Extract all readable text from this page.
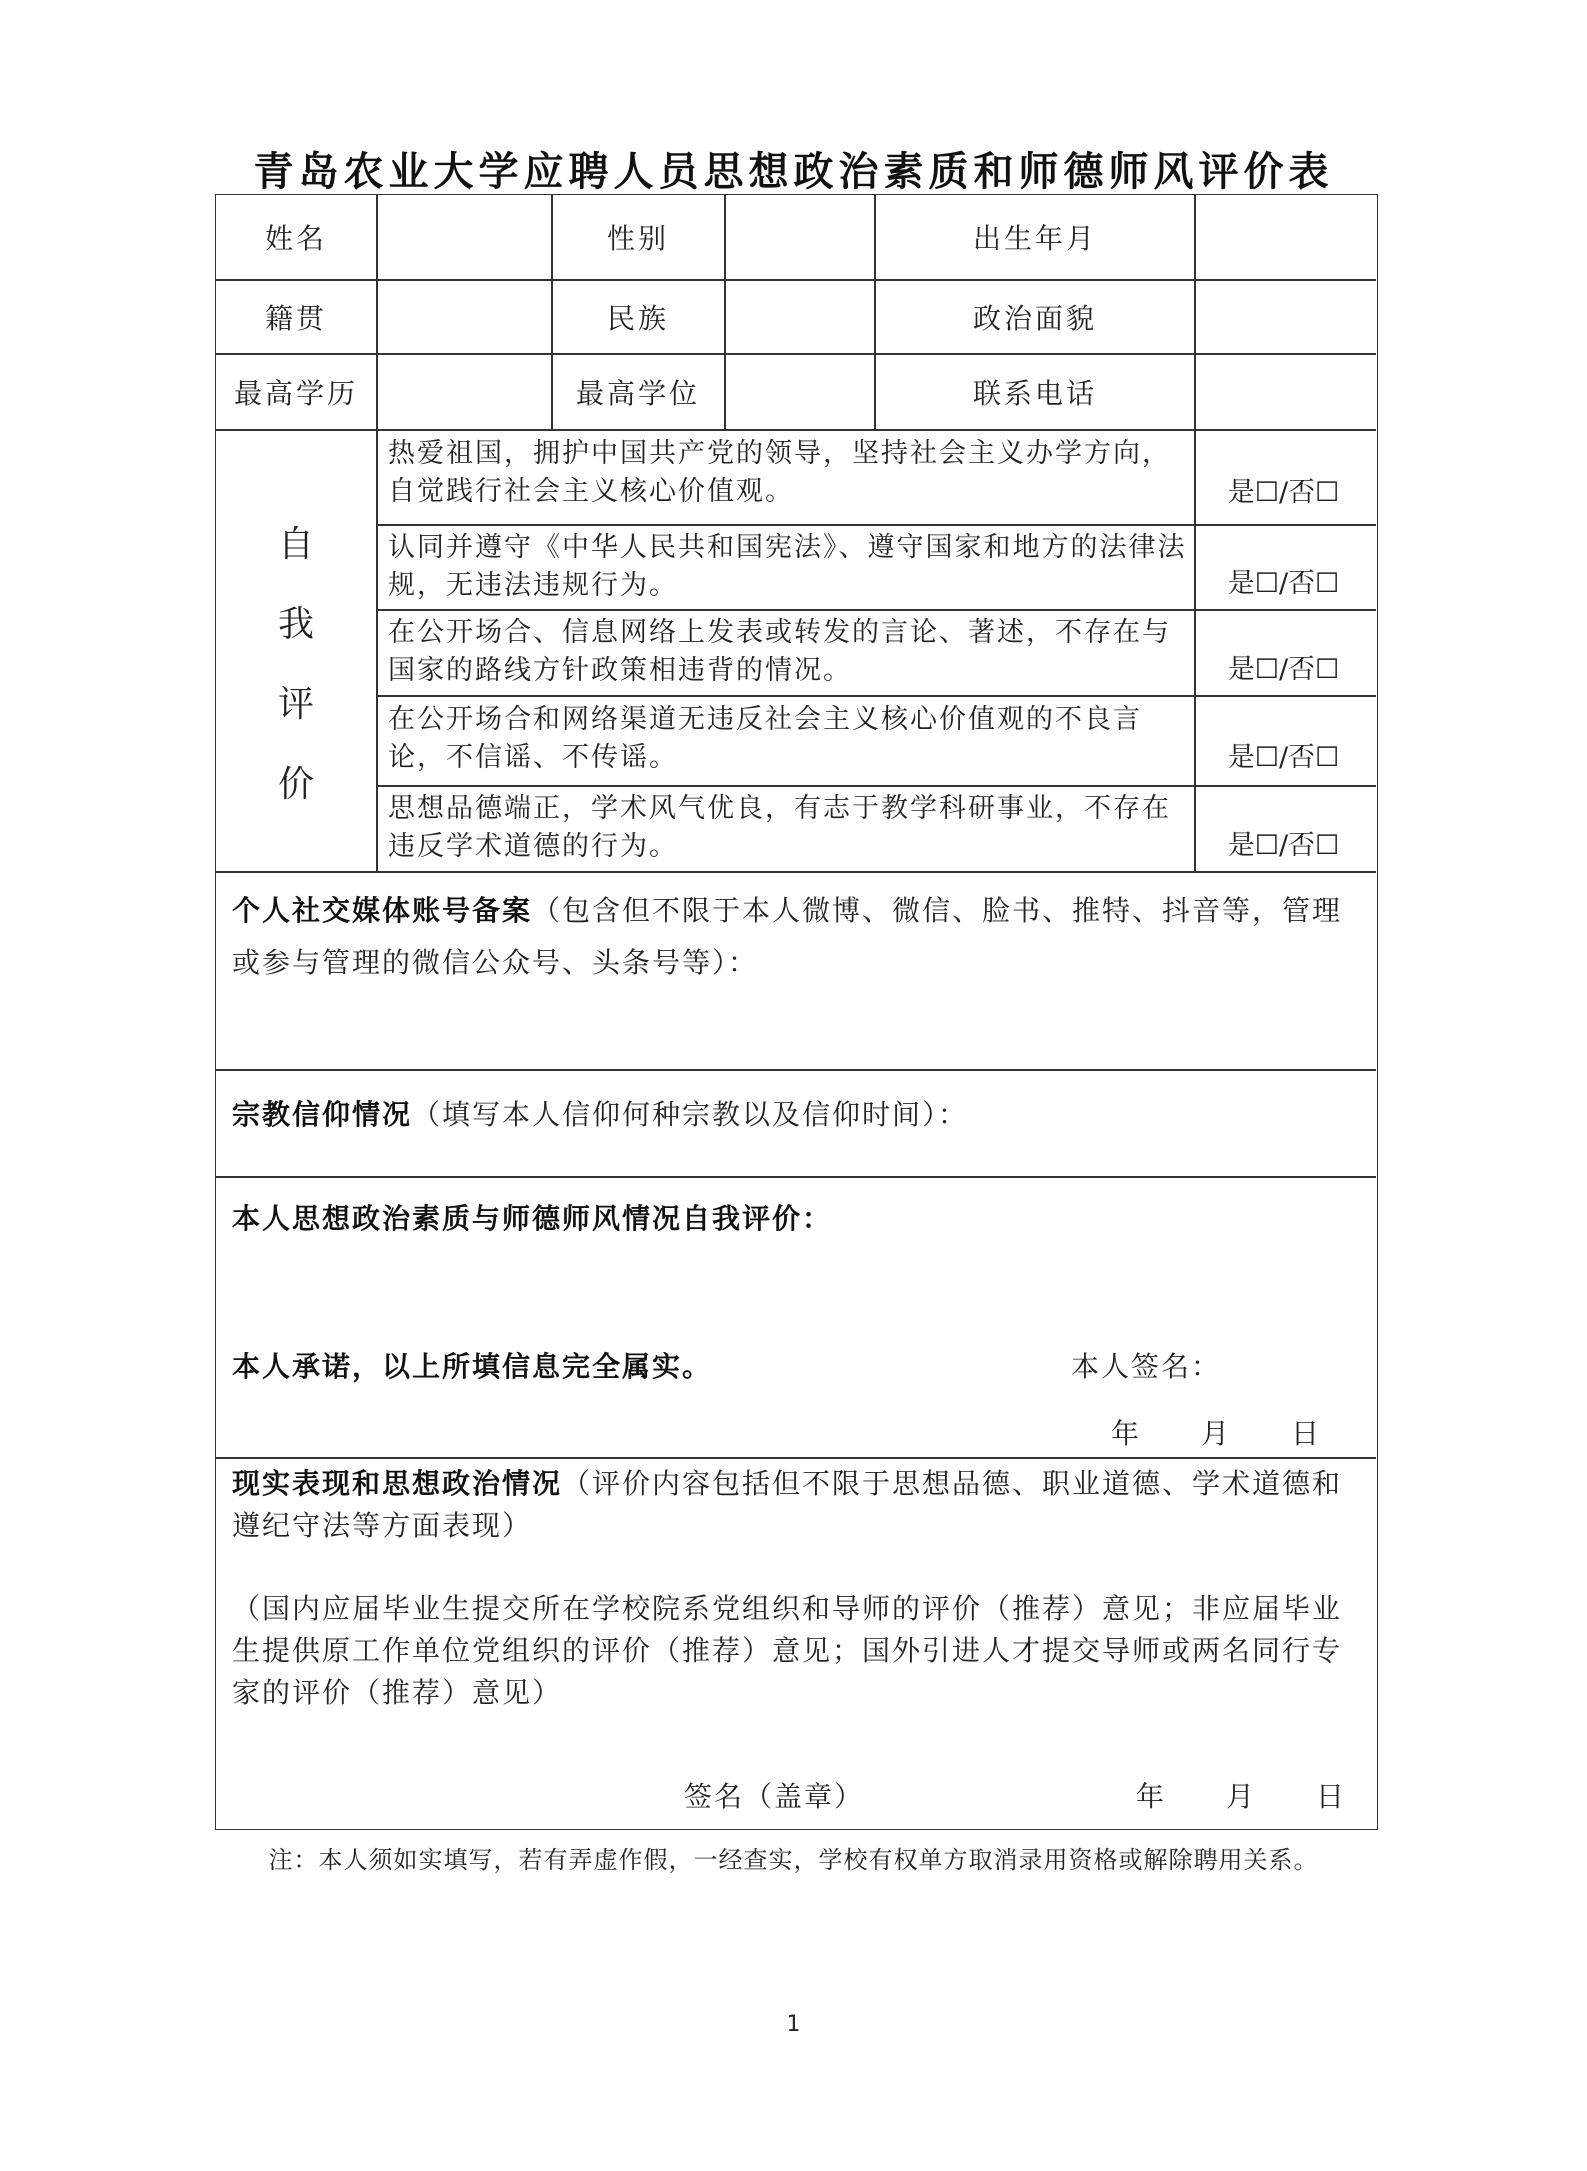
青岛农业大学应聘人员思想政治素质和师德师风评价表
姓名	性别	出生年月
籍贯	民族	政治面貌
最高学历	最高学位	联系电话
自
我
评
价
热爱祖国，拥护中国共产党的领导，坚持社会主义办学方向，自觉践行社会主义核心价值观。	是☐/否☐
认同并遵守《中华人民共和国宪法》、遵守国家和地方的法律法规，无违法违规行为。	是☐/否☐
在公开场合、信息网络上发表或转发的言论、著述，不存在与国家的路线方针政策相违背的情况。	是☐/否☐
在公开场合和网络渠道无违反社会主义核心价值观的不良言论，不信谣、不传谣。	是☐/否☐
思想品德端正，学术风气优良，有志于教学科研事业，不存在违反学术道德的行为。	是☐/否☐
个人社交媒体账号备案（包含但不限于本人微博、微信、脸书、推特、抖音等，管理或参与管理的微信公众号、头条号等）：
宗教信仰情况（填写本人信仰何种宗教以及信仰时间）：
本人思想政治素质与师德师风情况自我评价：
本人承诺，以上所填信息完全属实。	本人签名：
年　　月　　日
现实表现和思想政治情况（评价内容包括但不限于思想品德、职业道德、学术道德和遵纪守法等方面表现）
（国内应届毕业生提交所在学校院系党组织和导师的评价（推荐）意见；非应届毕业生提供原工作单位党组织的评价（推荐）意见；国外引进人才提交导师或两名同行专家的评价（推荐）意见）
签名（盖章）	年　　月　　日
注：本人须如实填写，若有弄虚作假，一经查实，学校有权单方取消录用资格或解除聘用关系。
1
